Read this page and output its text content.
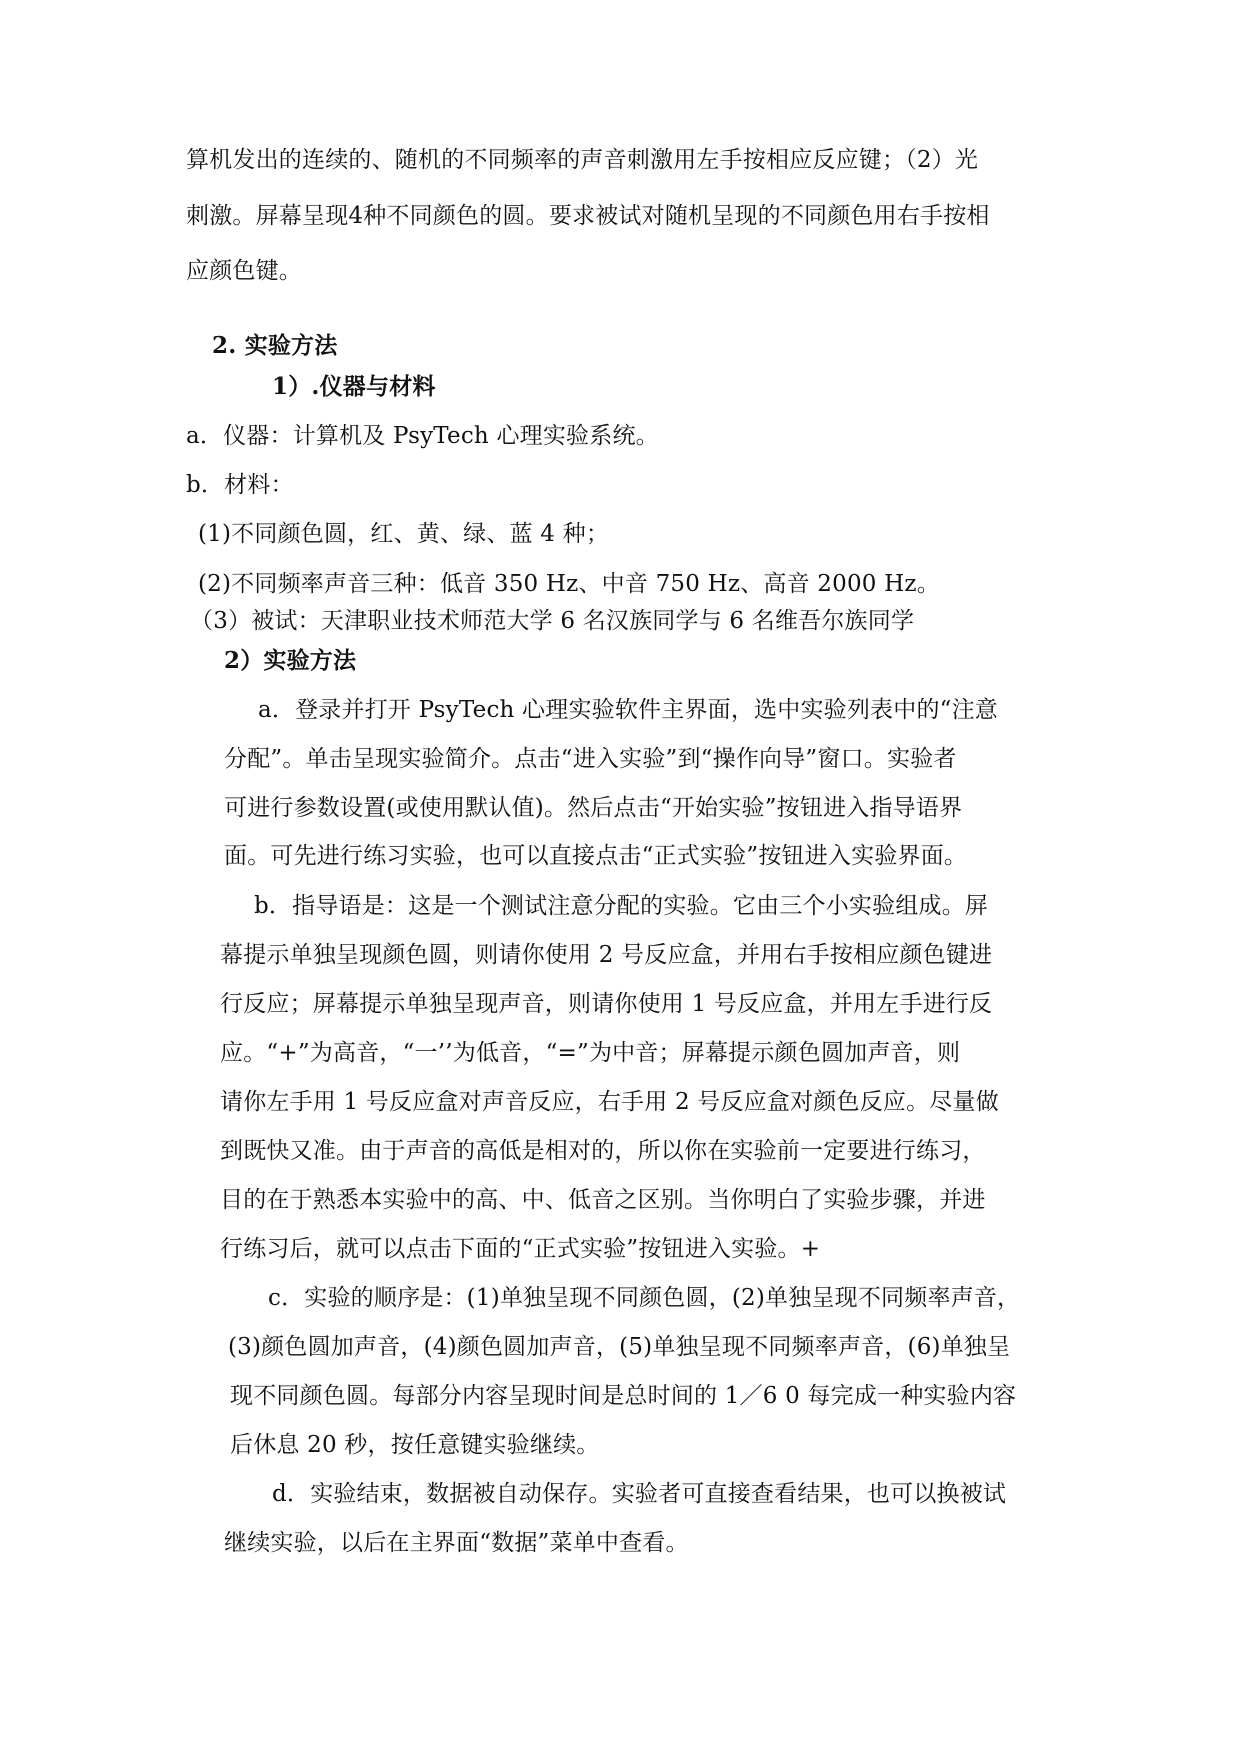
算机发出的连续的、随机的不同频率的声音刺激用左手按相应反应键；（2）光
刺激。屏幕呈现4种不同颜色的圆。要求被试对随机呈现的不同颜色用右手按相
应颜色键。
2. 实验方法
1）.仪器与材料
a．仪器：计算机及 PsyTech 心理实验系统。
b．材料：
(1)不同颜色圆，红、黄、绿、蓝 4 种；
(2)不同频率声音三种：低音 350 Hz、中音 750 Hz、高音 2000 Hz。
（3）被试：天津职业技术师范大学 6 名汉族同学与 6 名维吾尔族同学
2）实验方法
a．登录并打开 PsyTech 心理实验软件主界面，选中实验列表中的“注意
分配”。单击呈现实验简介。点击“进入实验”到“操作向导”窗口。实验者
可进行参数设置(或使用默认值)。然后点击“开始实验”按钮进入指导语界
面。可先进行练习实验，也可以直接点击“正式实验”按钮进入实验界面。
b．指导语是：这是一个测试注意分配的实验。它由三个小实验组成。屏
幕提示单独呈现颜色圆，则请你使用 2 号反应盒，并用右手按相应颜色键进
行反应；屏幕提示单独呈现声音，则请你使用 1 号反应盒，并用左手进行反
应。“+”为高音，“一’’为低音，“=”为中音；屏幕提示颜色圆加声音，则
请你左手用 1 号反应盒对声音反应，右手用 2 号反应盒对颜色反应。尽量做
到既快又准。由于声音的高低是相对的，所以你在实验前一定要进行练习，
目的在于熟悉本实验中的高、中、低音之区别。当你明白了实验步骤，并进
行练习后，就可以点击下面的“正式实验”按钮进入实验。+
c．实验的顺序是：(1)单独呈现不同颜色圆，(2)单独呈现不同频率声音，
(3)颜色圆加声音，(4)颜色圆加声音，(5)单独呈现不同频率声音，(6)单独呈
现不同颜色圆。每部分内容呈现时间是总时间的 1／6 0 每完成一种实验内容
后休息 20 秒，按任意键实验继续。
d．实验结束，数据被自动保存。实验者可直接查看结果，也可以换被试
继续实验，以后在主界面“数据”菜单中查看。
